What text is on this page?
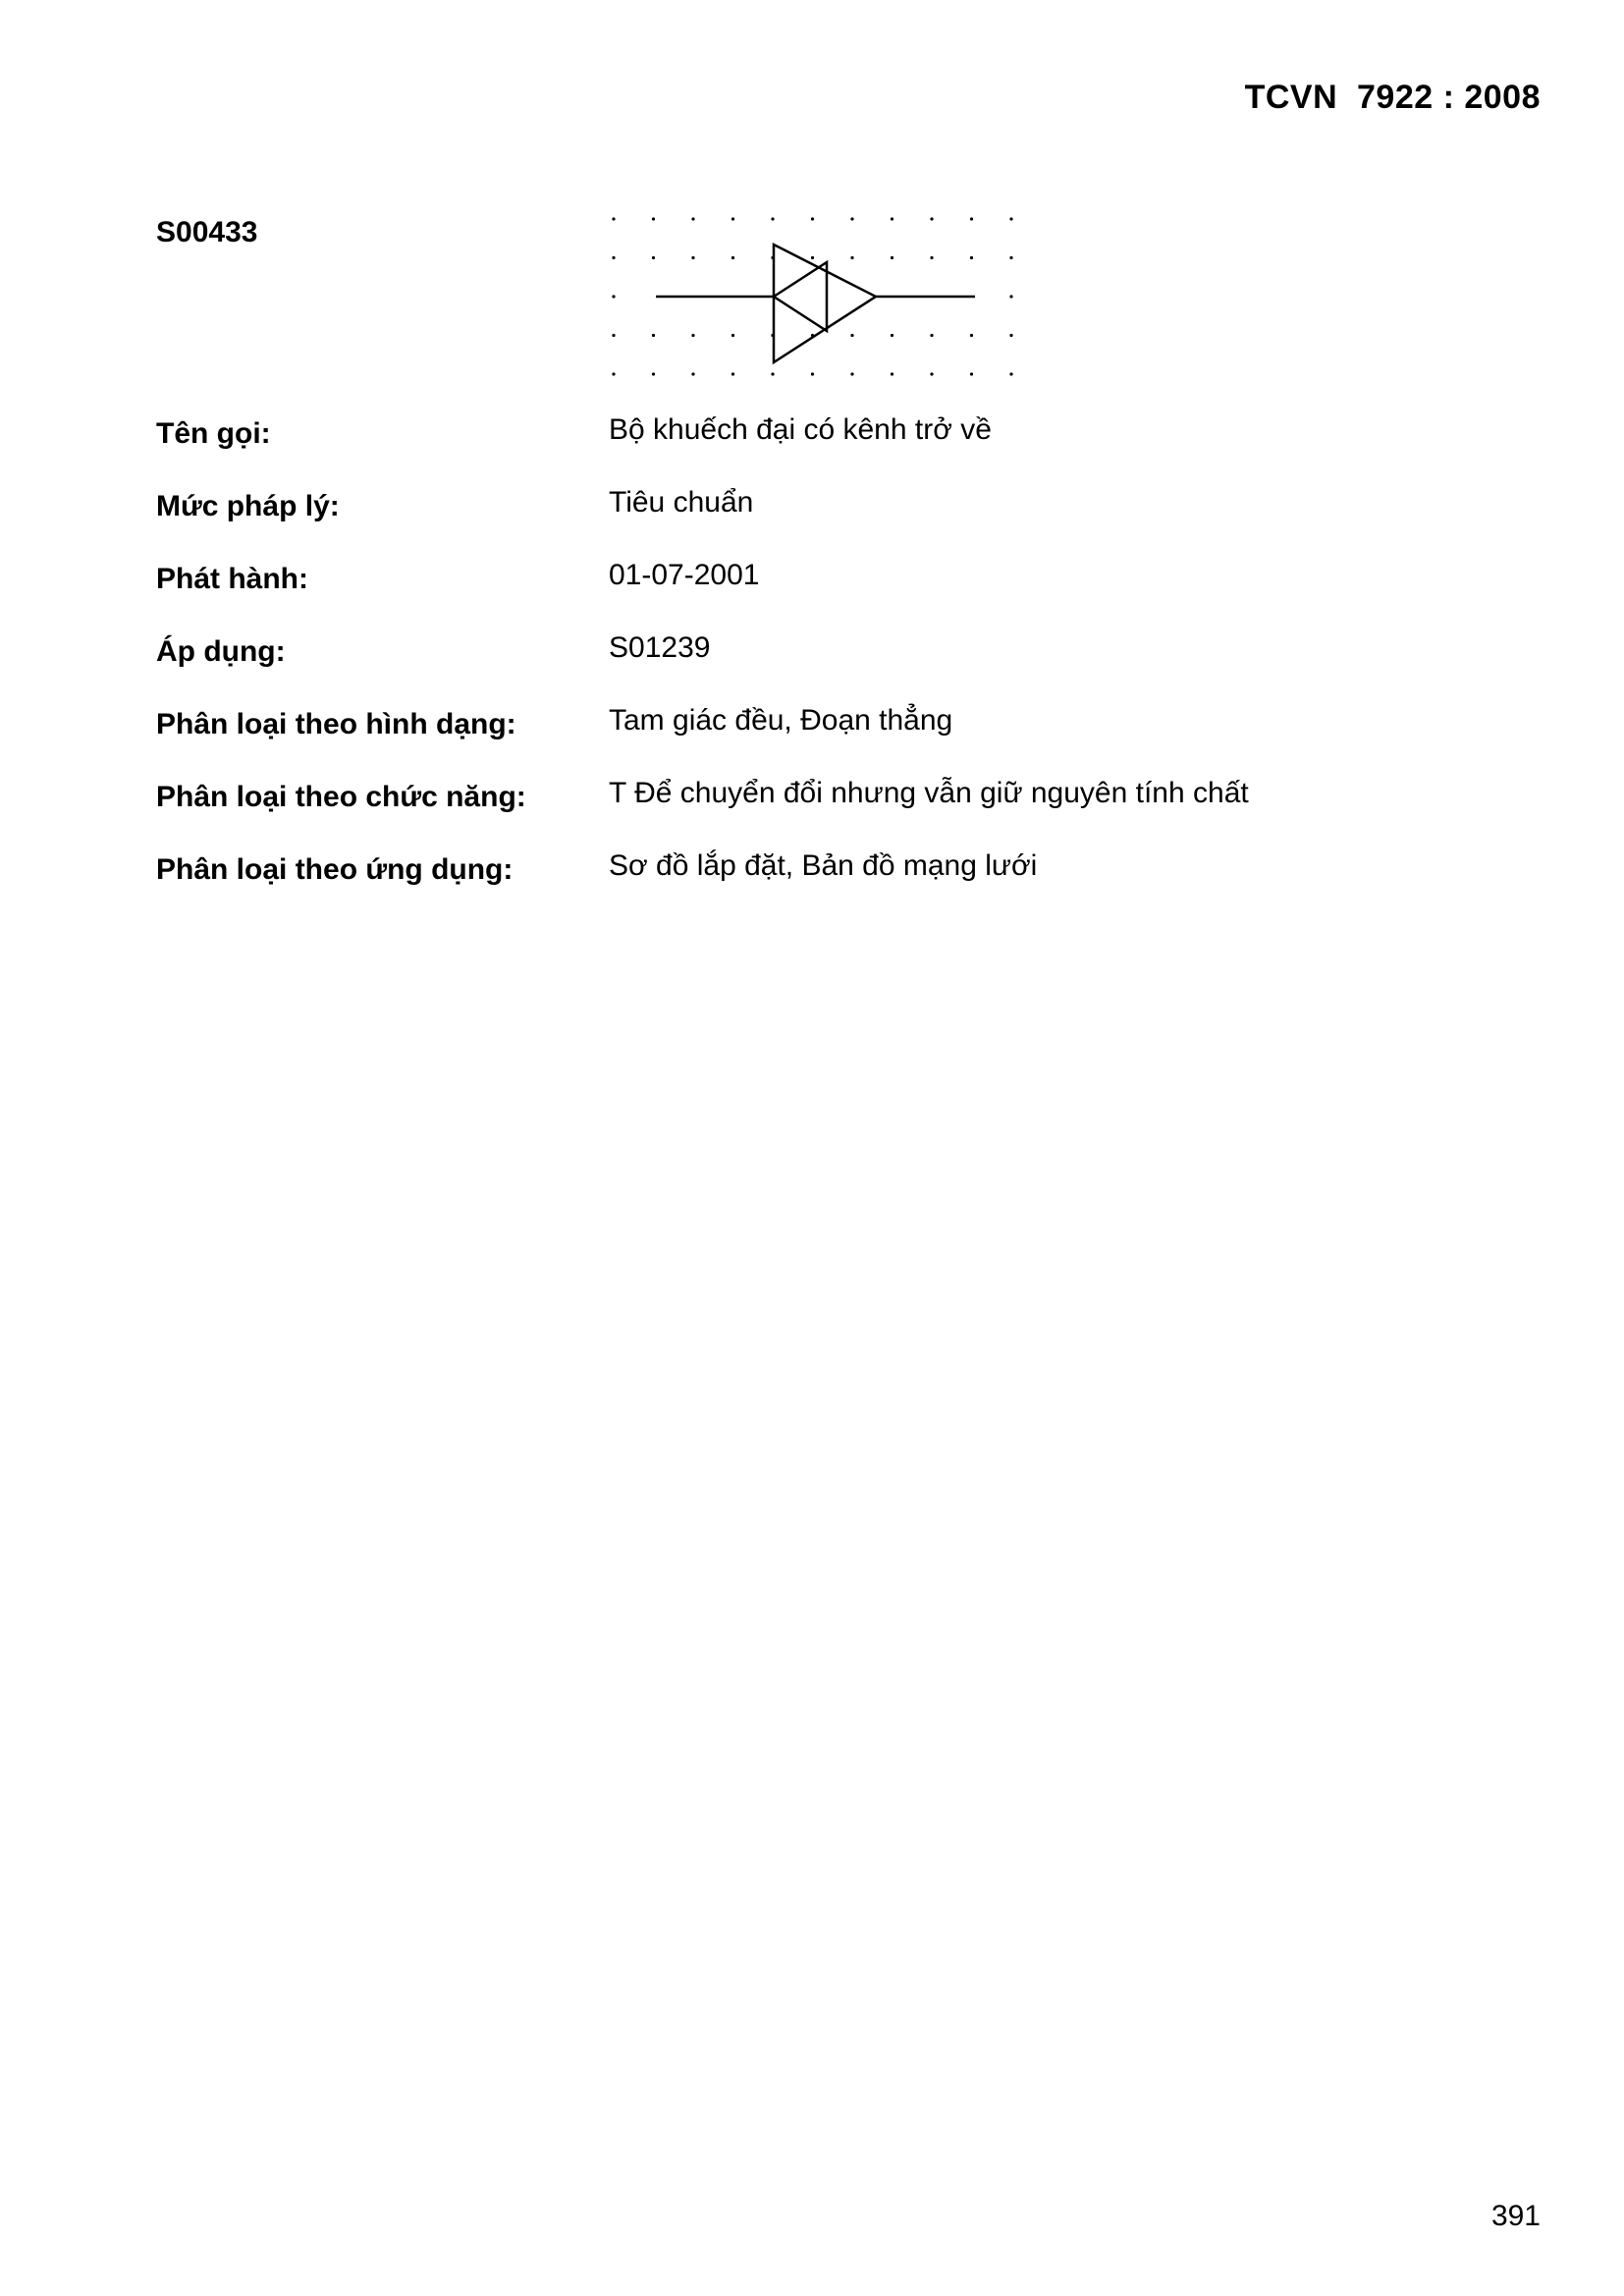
TCVN  7922 : 2008
S00433
Tên gọi:	Bộ khuếch đại có kênh trở về
Mức pháp lý:	Tiêu chuẩn
Phát hành:	01-07-2001
Áp dụng:	S01239
Phân loại theo hình dạng:	Tam giác đều, Đoạn thẳng
Phân loại theo chức năng:	T Để chuyển đổi nhưng vẫn giữ nguyên tính chất
Phân loại theo ứng dụng:	Sơ đồ lắp đặt, Bản đồ mạng lưới
391
